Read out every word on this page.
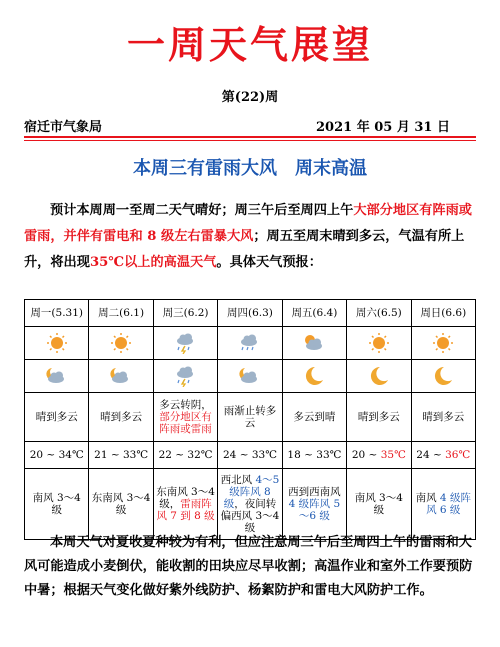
一周天气展望
第(22)周
宿迁市气象局	2021 年 05 月 31 日
本周三有雷雨大风　周末高温
预计本周周一至周二天气晴好；周三午后至周四上午大部分地区有阵雨或雷雨，并伴有雷电和 8 级左右雷暴大风；周五至周末晴到多云，气温有所上升，将出现35℃以上的高温天气。具体天气预报：
周一(5.31)	周二(6.1)	周三(6.2)	周四(6.3)	周五(6.4)	周六(6.5)	周日(6.6)

晴到多云	晴到多云	多云转阴，部分地区有阵雨或雷雨	雨渐止转多云	多云到晴	晴到多云	晴到多云
20 ~ 34℃	21 ~ 33℃	22 ~ 32℃	24 ~ 33℃	18 ~ 33℃	20 ~ 35℃	24 ~ 36℃
南风 3～4 级	东南风 3～4 级	东南风 3～4 级，雷雨阵风 7 到 8 级	西北风 4～5 级阵风 8 级，夜间转偏西风 3～4 级	西到西南风 4 级阵风 5～6 级	南风 3～4 级	南风 4 级阵风 6 级
本周天气对夏收夏种较为有利，但应注意周三午后至周四上午的雷雨和大风可能造成小麦倒伏，能收割的田块应尽早收割；高温作业和室外工作要预防中暑；根据天气变化做好紫外线防护、杨絮防护和雷电大风防护工作。
